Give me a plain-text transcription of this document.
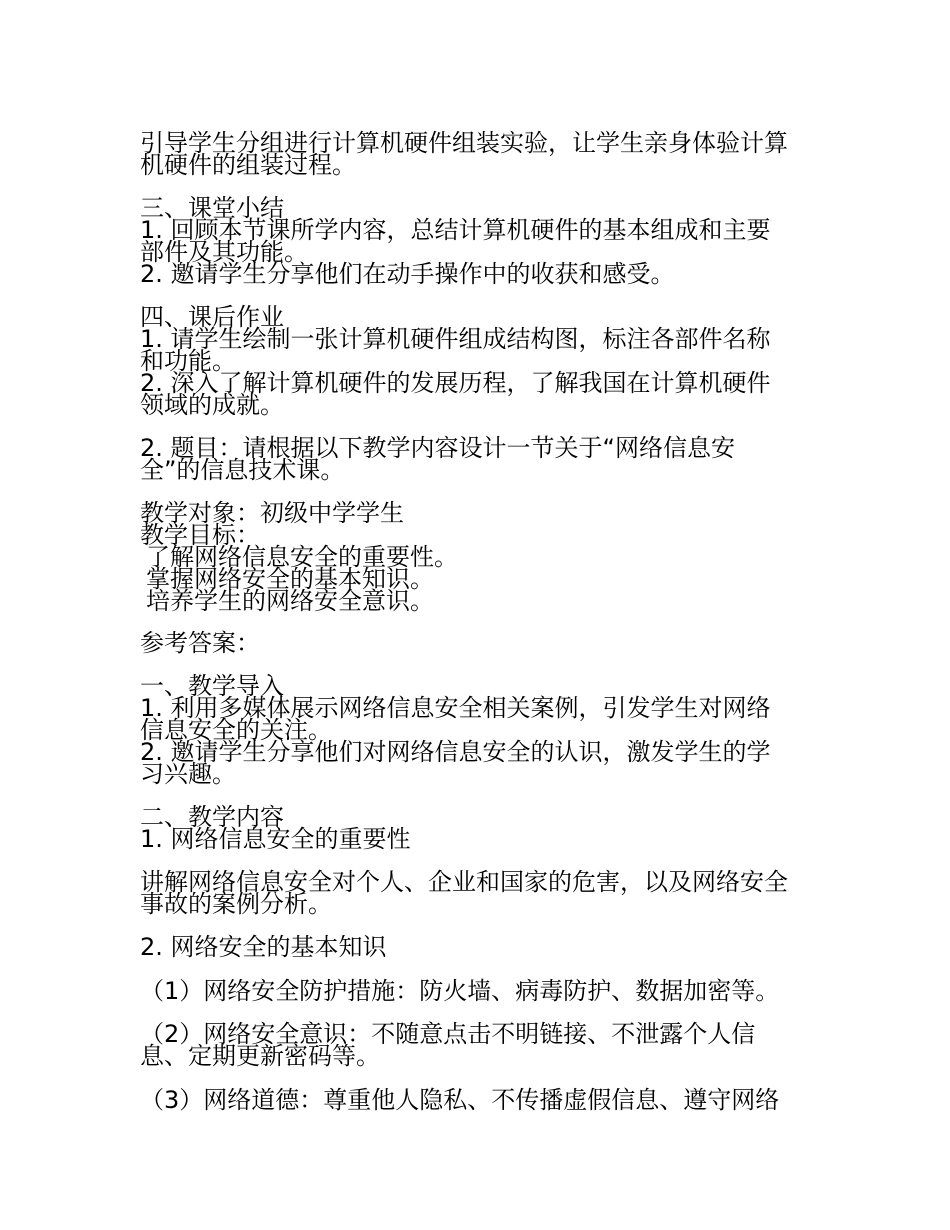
引导学生分组进行计算机硬件组装实验，让学生亲身体验计算

机硬件的组装过程。

三、课堂小结

1. 回顾本节课所学内容，总结计算机硬件的基本组成和主要

部件及其功能。

2. 邀请学生分享他们在动手操作中的收获和感受。

四、课后作业

1. 请学生绘制一张计算机硬件组成结构图，标注各部件名称

和功能。

2. 深入了解计算机硬件的发展历程，了解我国在计算机硬件

领域的成就。

2. 题目：请根据以下教学内容设计一节关于“网络信息安

全”的信息技术课。

教学对象：初级中学学生

教学目标：

了解网络信息安全的重要性。

掌握网络安全的基本知识。

培养学生的网络安全意识。

参考答案：

一、教学导入

1. 利用多媒体展示网络信息安全相关案例，引发学生对网络

信息安全的关注。

2. 邀请学生分享他们对网络信息安全的认识，激发学生的学

习兴趣。

二、教学内容

1. 网络信息安全的重要性

讲解网络信息安全对个人、企业和国家的危害，以及网络安全

事故的案例分析。

2. 网络安全的基本知识

（1）网络安全防护措施：防火墙、病毒防护、数据加密等。

（2）网络安全意识：不随意点击不明链接、不泄露个人信

息、定期更新密码等。

（3）网络道德：尊重他人隐私、不传播虚假信息、遵守网络
